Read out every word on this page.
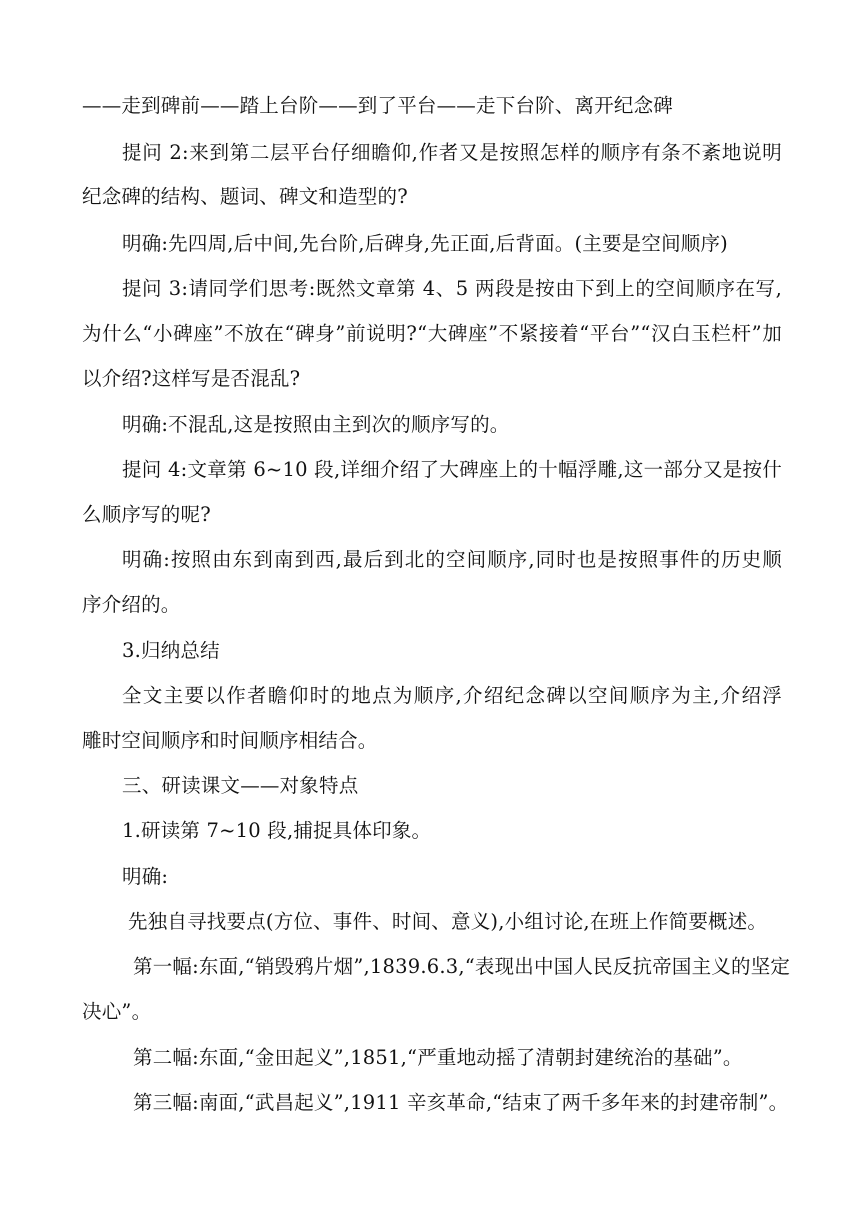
——走到碑前——踏上台阶——到了平台——走下台阶、离开纪念碑
提问 2:来到第二层平台仔细瞻仰,作者又是按照怎样的顺序有条不紊地说明
纪念碑的结构、题词、碑文和造型的?
明确:先四周,后中间,先台阶,后碑身,先正面,后背面。(主要是空间顺序)
提问 3:请同学们思考:既然文章第 4、5 两段是按由下到上的空间顺序在写,
为什么“小碑座”不放在“碑身”前说明?“大碑座”不紧接着“平台”“汉白玉栏杆”加
以介绍?这样写是否混乱?
明确:不混乱,这是按照由主到次的顺序写的。
提问 4:文章第 6~10 段,详细介绍了大碑座上的十幅浮雕,这一部分又是按什
么顺序写的呢?
明确:按照由东到南到西,最后到北的空间顺序,同时也是按照事件的历史顺
序介绍的。
3.归纳总结
全文主要以作者瞻仰时的地点为顺序,介绍纪念碑以空间顺序为主,介绍浮
雕时空间顺序和时间顺序相结合。
三、研读课文——对象特点
1.研读第 7~10 段,捕捉具体印象。
明确:
先独自寻找要点(方位、事件、时间、意义),小组讨论,在班上作简要概述。
第一幅:东面,“销毁鸦片烟”,1839.6.3,“表现出中国人民反抗帝国主义的坚定
决心”。
第二幅:东面,“金田起义”,1851,“严重地动摇了清朝封建统治的基础”。
第三幅:南面,“武昌起义”,1911 辛亥革命,“结束了两千多年来的封建帝制”。
